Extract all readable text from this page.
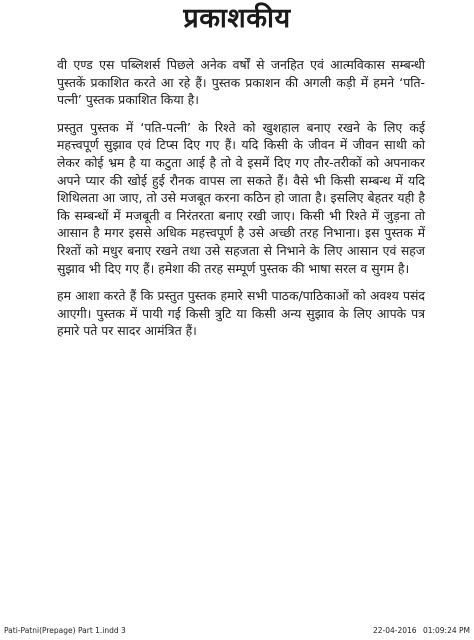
प्रकाशकीय

वी एण्ड एस पब्लिशर्स पिछले अनेक वर्षों से जनहित एवं आत्मविकास सम्बन्धी पुस्तकें प्रकाशित करते आ रहे हैं। पुस्तक प्रकाशन की अगली कड़ी में हमने ‘पति-पत्नी’ पुस्तक प्रकाशित किया है।

प्रस्तुत पुस्तक में ‘पति-पत्नी’ के रिश्ते को खुशहाल बनाए रखने के लिए कई महत्त्वपूर्ण सुझाव एवं टिप्स दिए गए हैं। यदि किसी के जीवन में जीवन साथी को लेकर कोई भ्रम है या कटुता आई है तो वे इसमें दिए गए तौर-तरीकों को अपनाकर अपने प्यार की खोई हुई रौनक वापस ला सकते हैं। वैसे भी किसी सम्बन्ध में यदि शिथिलता आ जाए, तो उसे मजबूत करना कठिन हो जाता है। इसलिए बेहतर यही है कि सम्बन्धों में मजबूती व निरंतरता बनाए रखी जाए। किसी भी रिश्ते में जुड़ना तो आसान है मगर इससे अधिक महत्त्वपूर्ण है उसे अच्छी तरह निभाना। इस पुस्तक में रिश्तों को मधुर बनाए रखने तथा उसे सहजता से निभाने के लिए आसान एवं सहज सुझाव भी दिए गए हैं। हमेशा की तरह सम्पूर्ण पुस्तक की भाषा सरल व सुगम है।

हम आशा करते हैं कि प्रस्तुत पुस्तक हमारे सभी पाठक/पाठिकाओं को अवश्य पसंद आएगी। पुस्तक में पायी गई किसी त्रुटि या किसी अन्य सुझाव के लिए आपके पत्र हमारे पते पर सादर आमंत्रित हैं।

Pati-Patni(Prepage) Part 1.indd 3	22-04-2016 01:09:24 PM
